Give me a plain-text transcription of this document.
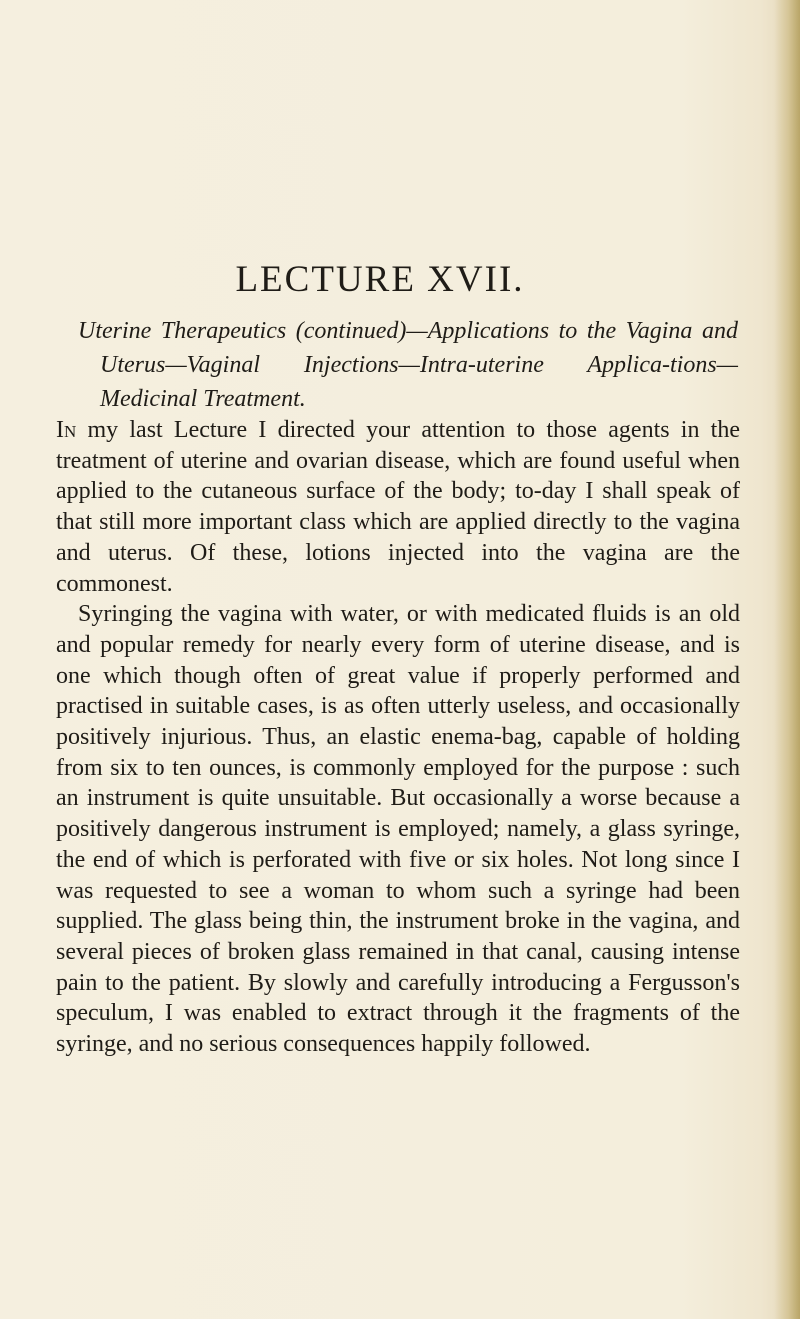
LECTURE XVII.

Uterine Therapeutics (continued)—Applications to the Vagina and Uterus—Vaginal Injections—Intra-uterine Applica-tions—Medicinal Treatment.

In my last Lecture I directed your attention to those agents in the treatment of uterine and ovarian disease, which are found useful when applied to the cutaneous surface of the body; to-day I shall speak of that still more important class which are applied directly to the vagina and uterus. Of these, lotions injected into the vagina are the commonest.

Syringing the vagina with water, or with medicated fluids is an old and popular remedy for nearly every form of uterine disease, and is one which though often of great value if properly performed and practised in suitable cases, is as often utterly useless, and occasionally positively injurious. Thus, an elastic enema-bag, capable of holding from six to ten ounces, is commonly employed for the purpose : such an instrument is quite unsuitable. But occasionally a worse because a positively dangerous instrument is employed; namely, a glass syringe, the end of which is perforated with five or six holes. Not long since I was requested to see a woman to whom such a syringe had been supplied. The glass being thin, the instrument broke in the vagina, and several pieces of broken glass remained in that canal, causing intense pain to the patient. By slowly and carefully introducing a Fergusson's speculum, I was enabled to extract through it the fragments of the syringe, and no serious consequences happily followed.
